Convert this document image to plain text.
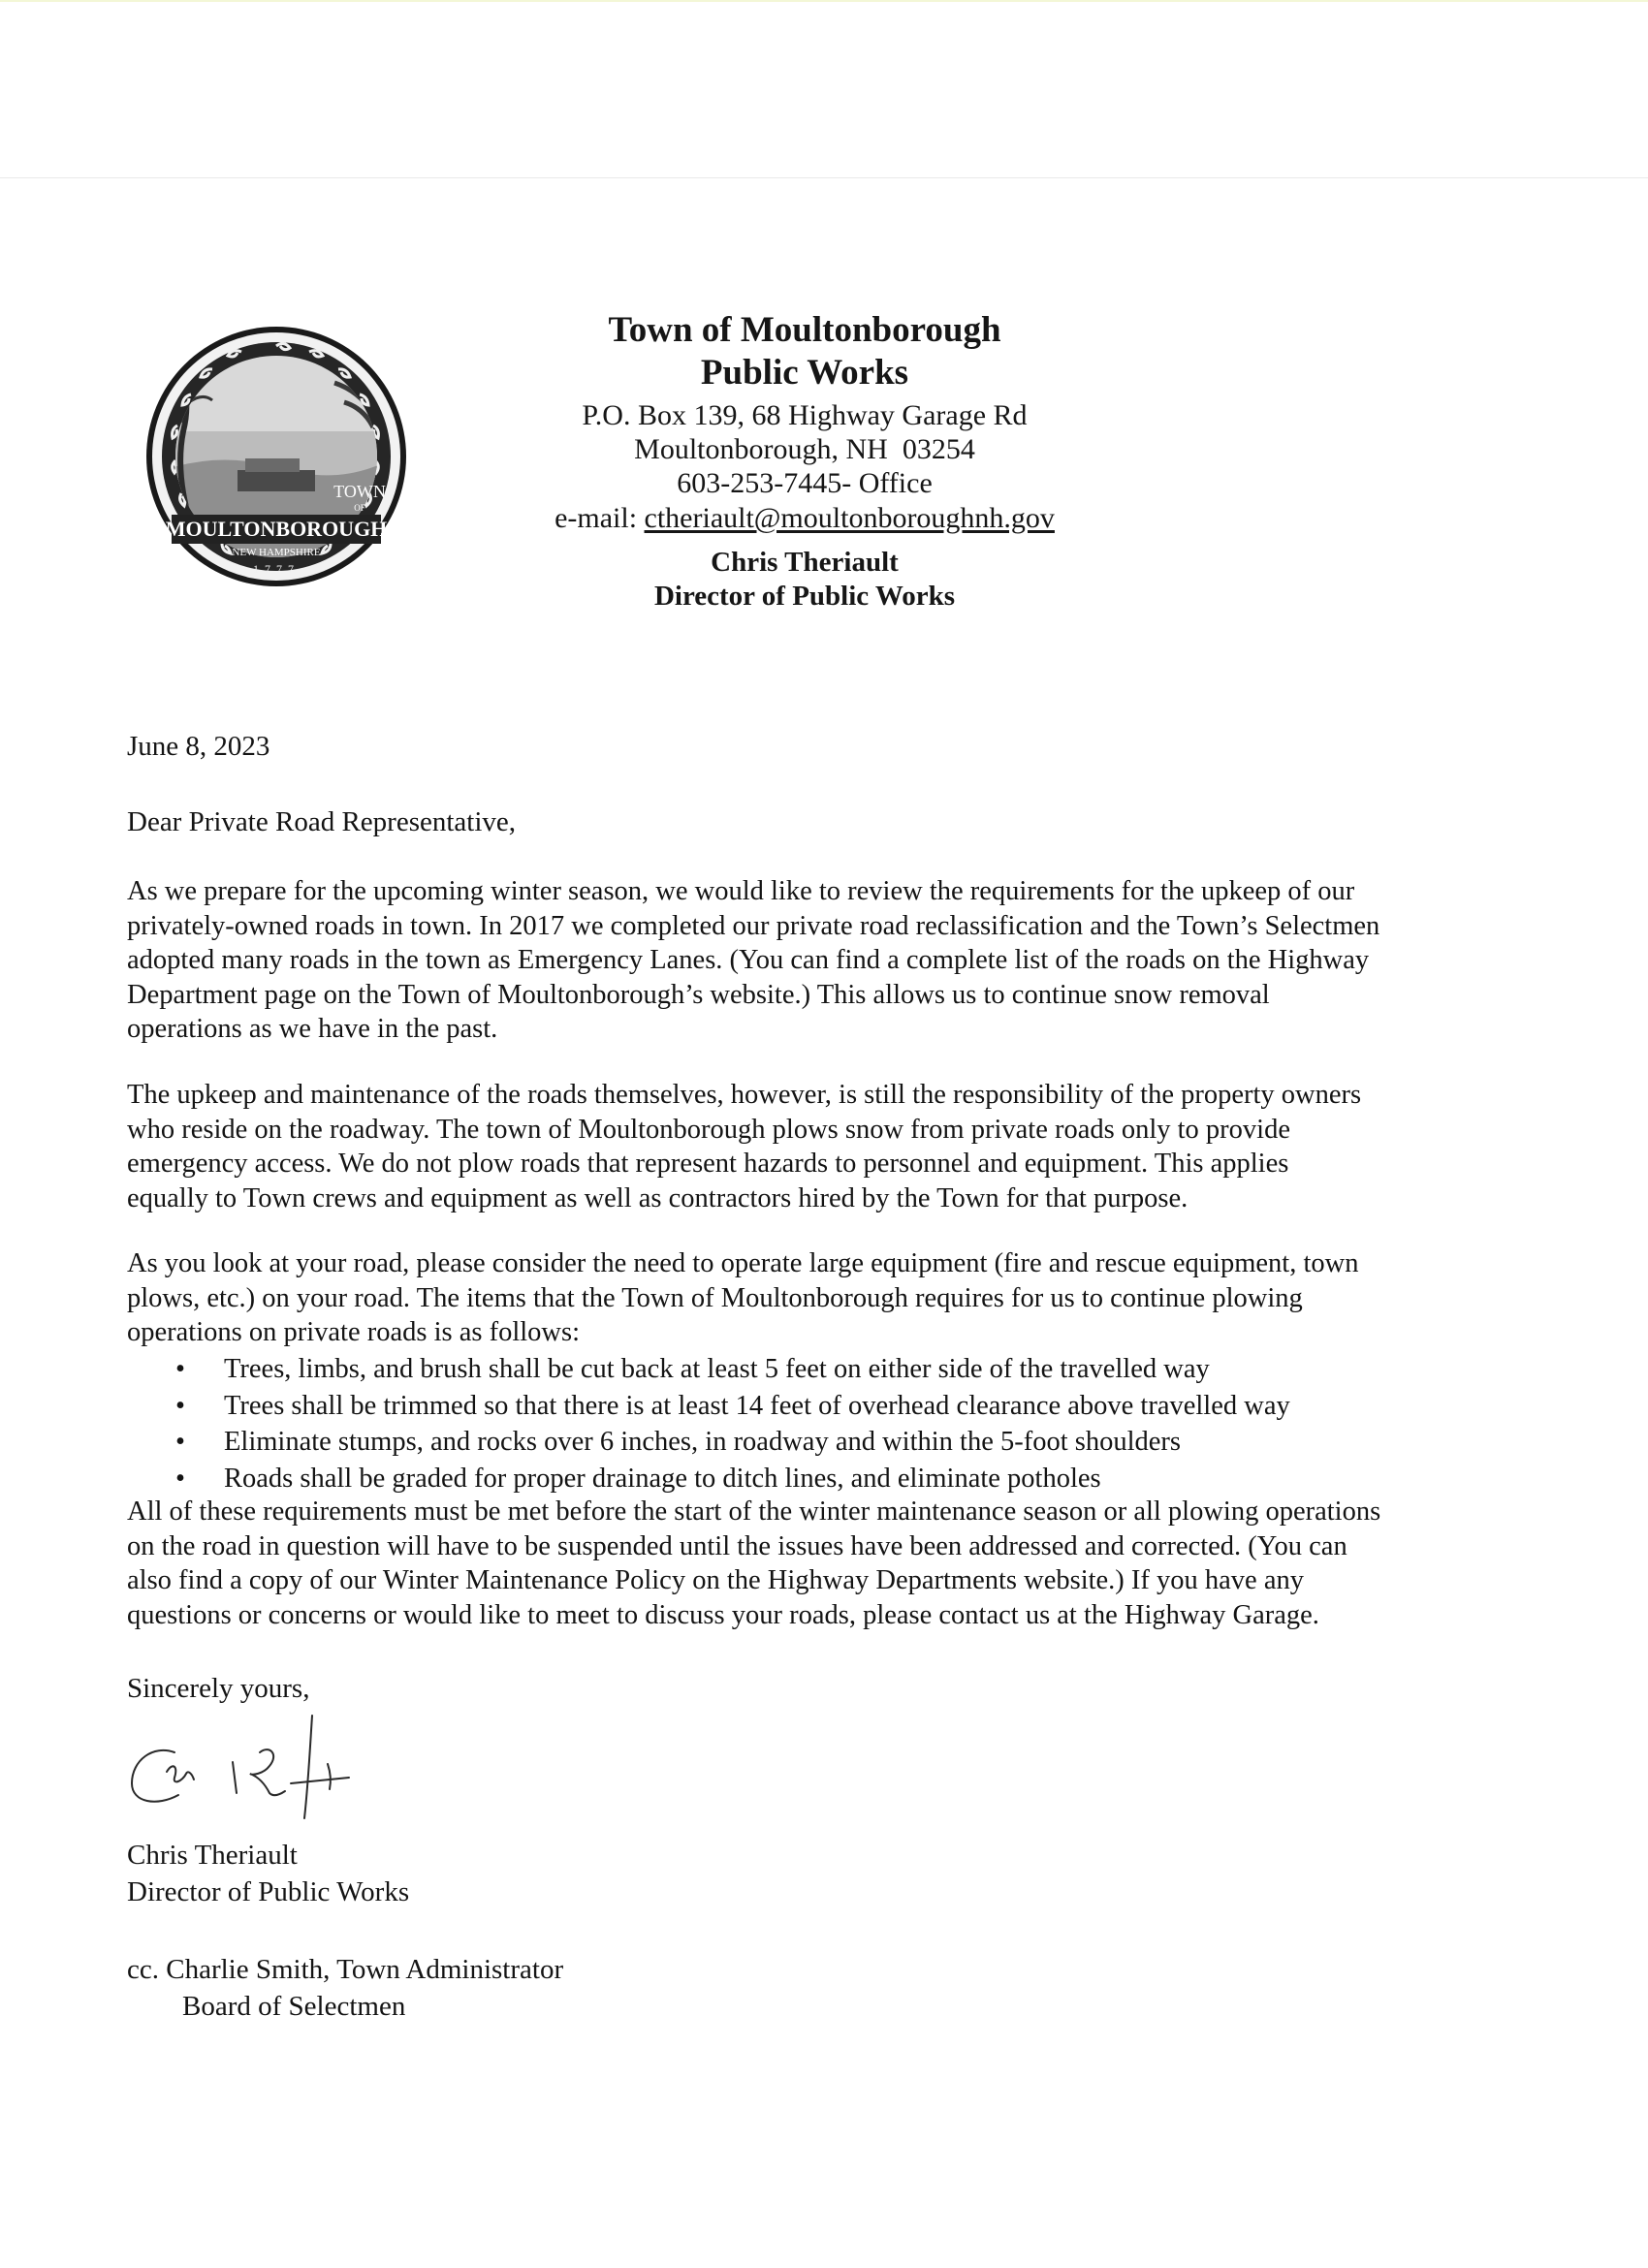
MOULTONBOROUGH
TOWN
OF
NEW HAMPSHIRE
1777
Town of Moultonborough
Public Works
P.O. Box 139, 68 Highway Garage Rd
Moultonborough, NH  03254
603-253-7445- Office
e-mail: ctheriault@moultonboroughnh.gov
Chris Theriault
Director of Public Works
June 8, 2023
Dear Private Road Representative,
As we prepare for the upcoming winter season, we would like to review the requirements for the upkeep of our
privately-owned roads in town. In 2017 we completed our private road reclassification and the Town’s Selectmen
adopted many roads in the town as Emergency Lanes. (You can find a complete list of the roads on the Highway
Department page on the Town of Moultonborough’s website.) This allows us to continue snow removal
operations as we have in the past.
The upkeep and maintenance of the roads themselves, however, is still the responsibility of the property owners
who reside on the roadway. The town of Moultonborough plows snow from private roads only to provide
emergency access. We do not plow roads that represent hazards to personnel and equipment. This applies
equally to Town crews and equipment as well as contractors hired by the Town for that purpose.
As you look at your road, please consider the need to operate large equipment (fire and rescue equipment, town
plows, etc.) on your road. The items that the Town of Moultonborough requires for us to continue plowing
operations on private roads is as follows:
• Trees, limbs, and brush shall be cut back at least 5 feet on either side of the travelled way
• Trees shall be trimmed so that there is at least 14 feet of overhead clearance above travelled way
• Eliminate stumps, and rocks over 6 inches, in roadway and within the 5-foot shoulders
• Roads shall be graded for proper drainage to ditch lines, and eliminate potholes
All of these requirements must be met before the start of the winter maintenance season or all plowing operations
on the road in question will have to be suspended until the issues have been addressed and corrected. (You can
also find a copy of our Winter Maintenance Policy on the Highway Departments website.) If you have any
questions or concerns or would like to meet to discuss your roads, please contact us at the Highway Garage.
Sincerely yours,
Chris Theriault
Director of Public Works
cc. Charlie Smith, Town Administrator
Board of Selectmen
